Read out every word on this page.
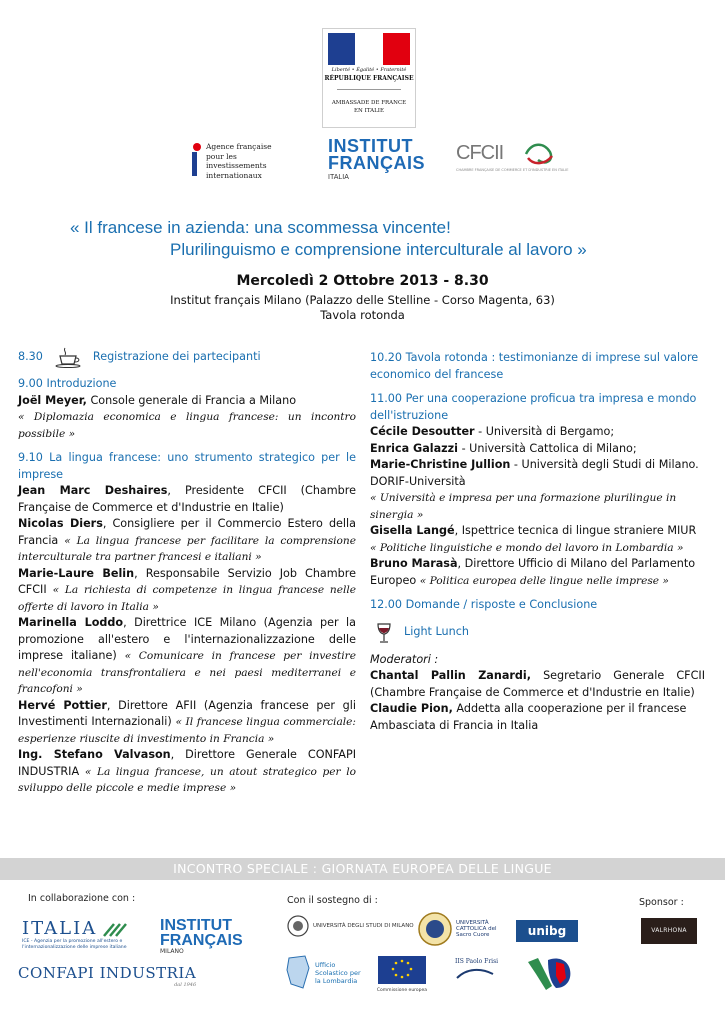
Liberté • Égalité • Fraternité
RÉPUBLIQUE FRANÇAISE
AMBASSADE DE FRANCE
EN ITALIE
Agence française
pour les investissements
internationaux
INSTITUT
FRANÇAIS
ITALIA
CFCII
CHAMBRE FRANÇAISE DE COMMERCE ET D'INDUSTRIE EN ITALIE
« Il francese in azienda: una scommessa vincente!
Plurilinguismo e comprensione interculturale al lavoro »
Mercoledì 2 Ottobre 2013 - 8.30
Institut français Milano (Palazzo delle Stelline - Corso Magenta, 63)
Tavola rotonda
8.30	Registrazione dei partecipanti
9.00 Introduzione
Joël Meyer, Console generale di Francia a Milano
« Diplomazia economica e lingua francese: un incontro possibile »
9.10 La lingua francese: uno strumento strategico per le imprese
Jean Marc Deshaires, Presidente CFCII (Chambre Française de Commerce et d'Industrie en Italie)
Nicolas Diers, Consigliere per il Commercio Estero della Francia « La lingua francese per facilitare la comprensione interculturale tra partner francesi e italiani »
Marie-Laure Belin, Responsabile Servizio Job Chambre CFCII « La richiesta di competenze in lingua francese nelle offerte di lavoro in Italia »
Marinella Loddo, Direttrice ICE Milano (Agenzia per la promozione all'estero e l'internazionalizzazione delle imprese italiane) « Comunicare in francese per investire nell'economia transfrontaliera e nei paesi mediterranei e francofoni »
Hervé Pottier, Direttore AFII (Agenzia francese per gli Investimenti Internazionali) « Il francese lingua commerciale: esperienze riuscite di investimento in Francia »
Ing. Stefano Valvason, Direttore Generale CONFAPI INDUSTRIA « La lingua francese, un atout strategico per lo sviluppo delle piccole e medie imprese »
10.20 Tavola rotonda : testimonianze di imprese sul valore economico del francese
11.00 Per una cooperazione proficua tra impresa e mondo dell'istruzione
Cécile Desoutter - Università di Bergamo;
Enrica Galazzi - Università Cattolica di Milano;
Marie-Christine Jullion - Università degli Studi di Milano. DORIF-Università
« Università e impresa per una formazione plurilingue in sinergia »
Gisella Langé, Ispettrice tecnica di lingue straniere MIUR
« Politiche linguistiche e mondo del lavoro in Lombardia »
Bruno Marasà, Direttore Ufficio di Milano del Parlamento Europeo « Politica europea delle lingue nelle imprese »
12.00 Domande / risposte e Conclusione
Light Lunch
Moderatori :
Chantal Pallin Zanardi, Segretario Generale CFCII (Chambre Française de Commerce et d'Industrie en Italie)
Claudie Pion, Addetta alla cooperazione per il francese Ambasciata di Francia in Italia
INCONTRO SPECIALE : GIORNATA EUROPEA DELLE LINGUE
In collaborazione con :	Con il sostegno di :	Sponsor :
ITALIA
ICE - Agenzia per la promozione all'estero e l'internazionalizzazione delle imprese italiane
INSTITUT
FRANÇAIS
MILANO
CONFAPI INDUSTRIA
dal 1946
UNIVERSITÀ DEGLI STUDI DI MILANO	UNIVERSITÀ CATTOLICA del Sacro Cuore	unibg
Ufficio Scolastico per la Lombardia
Commissione europea
IIS Paolo Frisi
VALRHONA
